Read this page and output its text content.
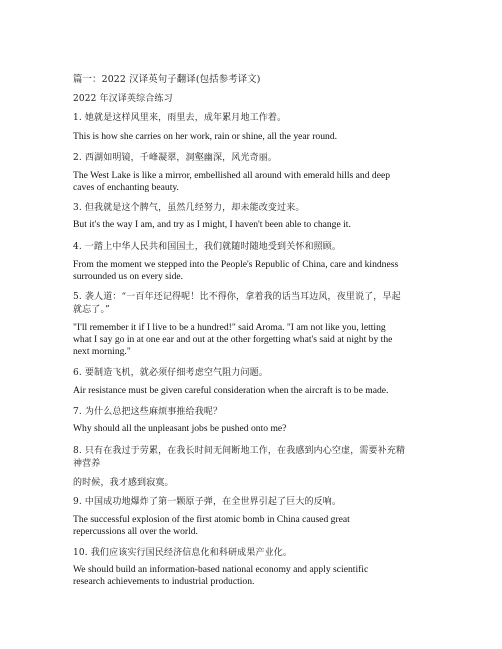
篇一：2022 汉译英句子翻译(包括参考译文)

2022 年汉译英综合练习

1. 她就是这样风里来，雨里去，成年累月地工作着。

This is how she carries on her work, rain or shine, all the year round.

2. 西湖如明镜，千峰凝翠，洞壑幽深，风光奇丽。

The West Lake is like a mirror, embellished all around with emerald hills and deep

caves of enchanting beauty.

3. 但我就是这个脾气，虽然几经努力，却未能改变过来。

But it's the way I am, and try as I might, I haven't been able to change it.

4. 一踏上中华人民共和国国土，我们就随时随地受到关怀和照顾。

From the moment we stepped into the People's Republic of China, care and kindness

surrounded us on every side.

5. 袭人道：“一百年还记得呢！比不得你，拿着我的话当耳边风，夜里说了，早起

就忘了。”

"I'll remember it if I live to be a hundred!" said Aroma. "I am not like you, letting

what I say go in at one ear and out at the other forgetting what's said at night by the

next morning."

6. 要制造飞机，就必须仔细考虑空气阻力问题。

Air resistance must be given careful consideration when the aircraft is to be made.

7. 为什么总把这些麻烦事推给我呢？

Why should all the unpleasant jobs be pushed onto me?

8. 只有在我过于劳累，在我长时间无间断地工作，在我感到内心空虚，需要补充精

神营养

的时候，我才感到寂寞。

9. 中国成功地爆炸了第一颗原子弹，在全世界引起了巨大的反响。

The successful explosion of the first atomic bomb in China caused great

repercussions all over the world.

10. 我们应该实行国民经济信息化和科研成果产业化。

We should build an information-based national economy and apply scientific

research achievements to industrial production.
